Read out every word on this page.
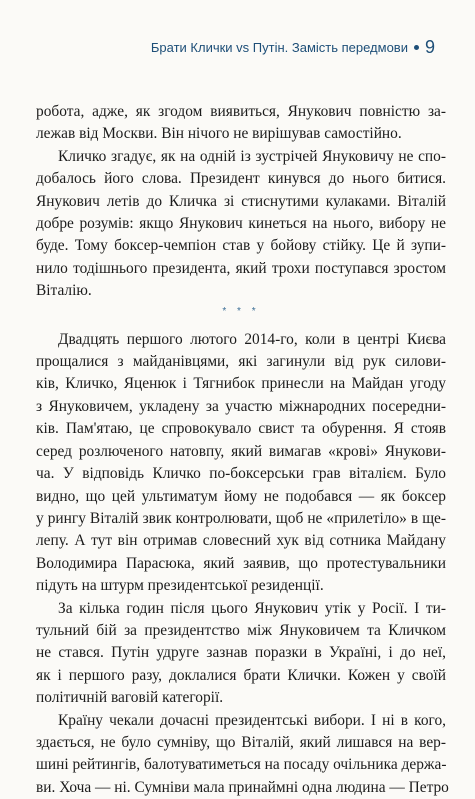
Брати Клички vs Путін. Замість передмови 9

робота, адже, як згодом виявиться, Янукович повністю за-
лежав від Москви. Він нічого не вирішував самостійно.

Кличко згадує, як на одній із зустрічей Януковичу не спо-

добалось його слова. Президент кинувся до нього битися.
Янукович летів до Кличка зі стиснутими кулаками. Віталій
добре розумів: якщо Янукович кинеться на нього, вибору не
буде. Тому боксер-чемпіон став у бойову стійку. Це й зупи-
нило тодішнього президента, який трохи поступався зростом
Віталію.

* * *

Двадцять першого лютого 2014-го, коли в центрі Києва

прощалися з майданівцями, які загинули від рук силови-
ків, Кличко, Яценюк і Тягнибок принесли на Майдан угоду
з Януковичем, укладену за участю міжнародних посередни-
ків. Пам'ятаю, це спровокувало свист та обурення. Я стояв
серед розлюченого натовпу, який вимагав «крові» Янукови-
ча. У відповідь Кличко по-боксерськи грав віталієм. Було
видно, що цей ультиматум йому не подобався — як боксер
у рингу Віталій звик контролювати, щоб не «прилетіло» в ще-
лепу. А тут він отримав словесний хук від сотника Майдану
Володимира Парасюка, який заявив, що протестувальники
підуть на штурм президентської резиденції.

За кілька годин після цього Янукович утік у Росії. І ти-

тульний бій за президентство між Януковичем та Кличком
не стався. Путін удруге зазнав поразки в Україні, і до неї,
як і першого разу, доклалися брати Клички. Кожен у своїй
політичній ваговій категорії.

Країну чекали дочасні президентські вибори. І ні в кого,

здається, не було сумніву, що Віталій, який лишався на вер-
шині рейтингів, балотуватиметься на посаду очільника держа-
ви. Хоча — ні. Сумніви мала принаймні одна людина — Петро
